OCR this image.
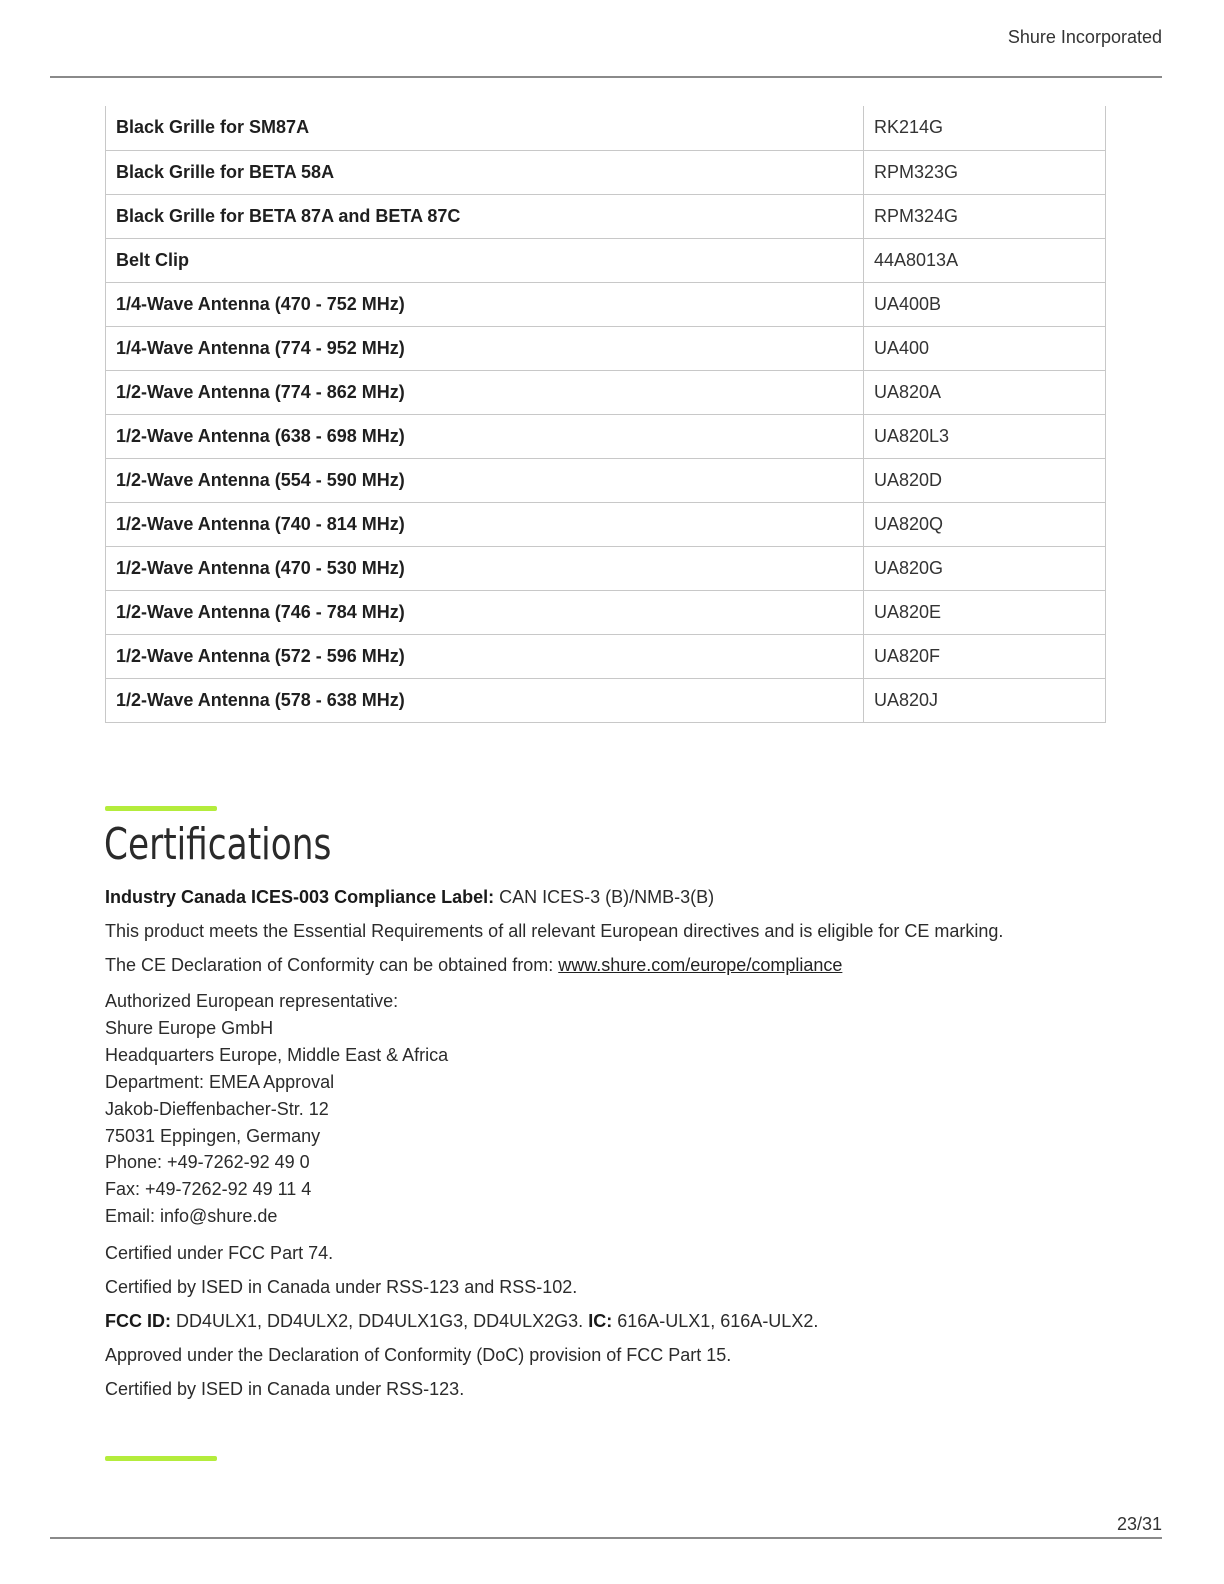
Shure Incorporated
Black Grille for SM87A	RK214G
Black Grille for BETA 58A	RPM323G
Black Grille for BETA 87A and BETA 87C	RPM324G
Belt Clip	44A8013A
1/4-Wave Antenna (470 - 752 MHz)	UA400B
1/4-Wave Antenna (774 - 952 MHz)	UA400
1/2-Wave Antenna (774 - 862 MHz)	UA820A
1/2-Wave Antenna (638 - 698 MHz)	UA820L3
1/2-Wave Antenna (554 - 590 MHz)	UA820D
1/2-Wave Antenna (740 - 814 MHz)	UA820Q
1/2-Wave Antenna (470 - 530 MHz)	UA820G
1/2-Wave Antenna (746 - 784 MHz)	UA820E
1/2-Wave Antenna (572 - 596 MHz)	UA820F
1/2-Wave Antenna (578 - 638 MHz)	UA820J
Certifications

Industry Canada ICES-003 Compliance Label: CAN ICES-3 (B)/NMB-3(B)

This product meets the Essential Requirements of all relevant European directives and is eligible for CE marking.

The CE Declaration of Conformity can be obtained from: www.shure.com/europe/compliance

Authorized European representative:
Shure Europe GmbH
Headquarters Europe, Middle East & Africa
Department: EMEA Approval
Jakob-Dieffenbacher-Str. 12
75031 Eppingen, Germany
Phone: +49-7262-92 49 0
Fax: +49-7262-92 49 11 4
Email: info@shure.de

Certified under FCC Part 74.

Certified by ISED in Canada under RSS-123 and RSS-102.

FCC ID: DD4ULX1, DD4ULX2, DD4ULX1G3, DD4ULX2G3. IC: 616A-ULX1, 616A-ULX2.

Approved under the Declaration of Conformity (DoC) provision of FCC Part 15.

Certified by ISED in Canada under RSS-123.

23/31
